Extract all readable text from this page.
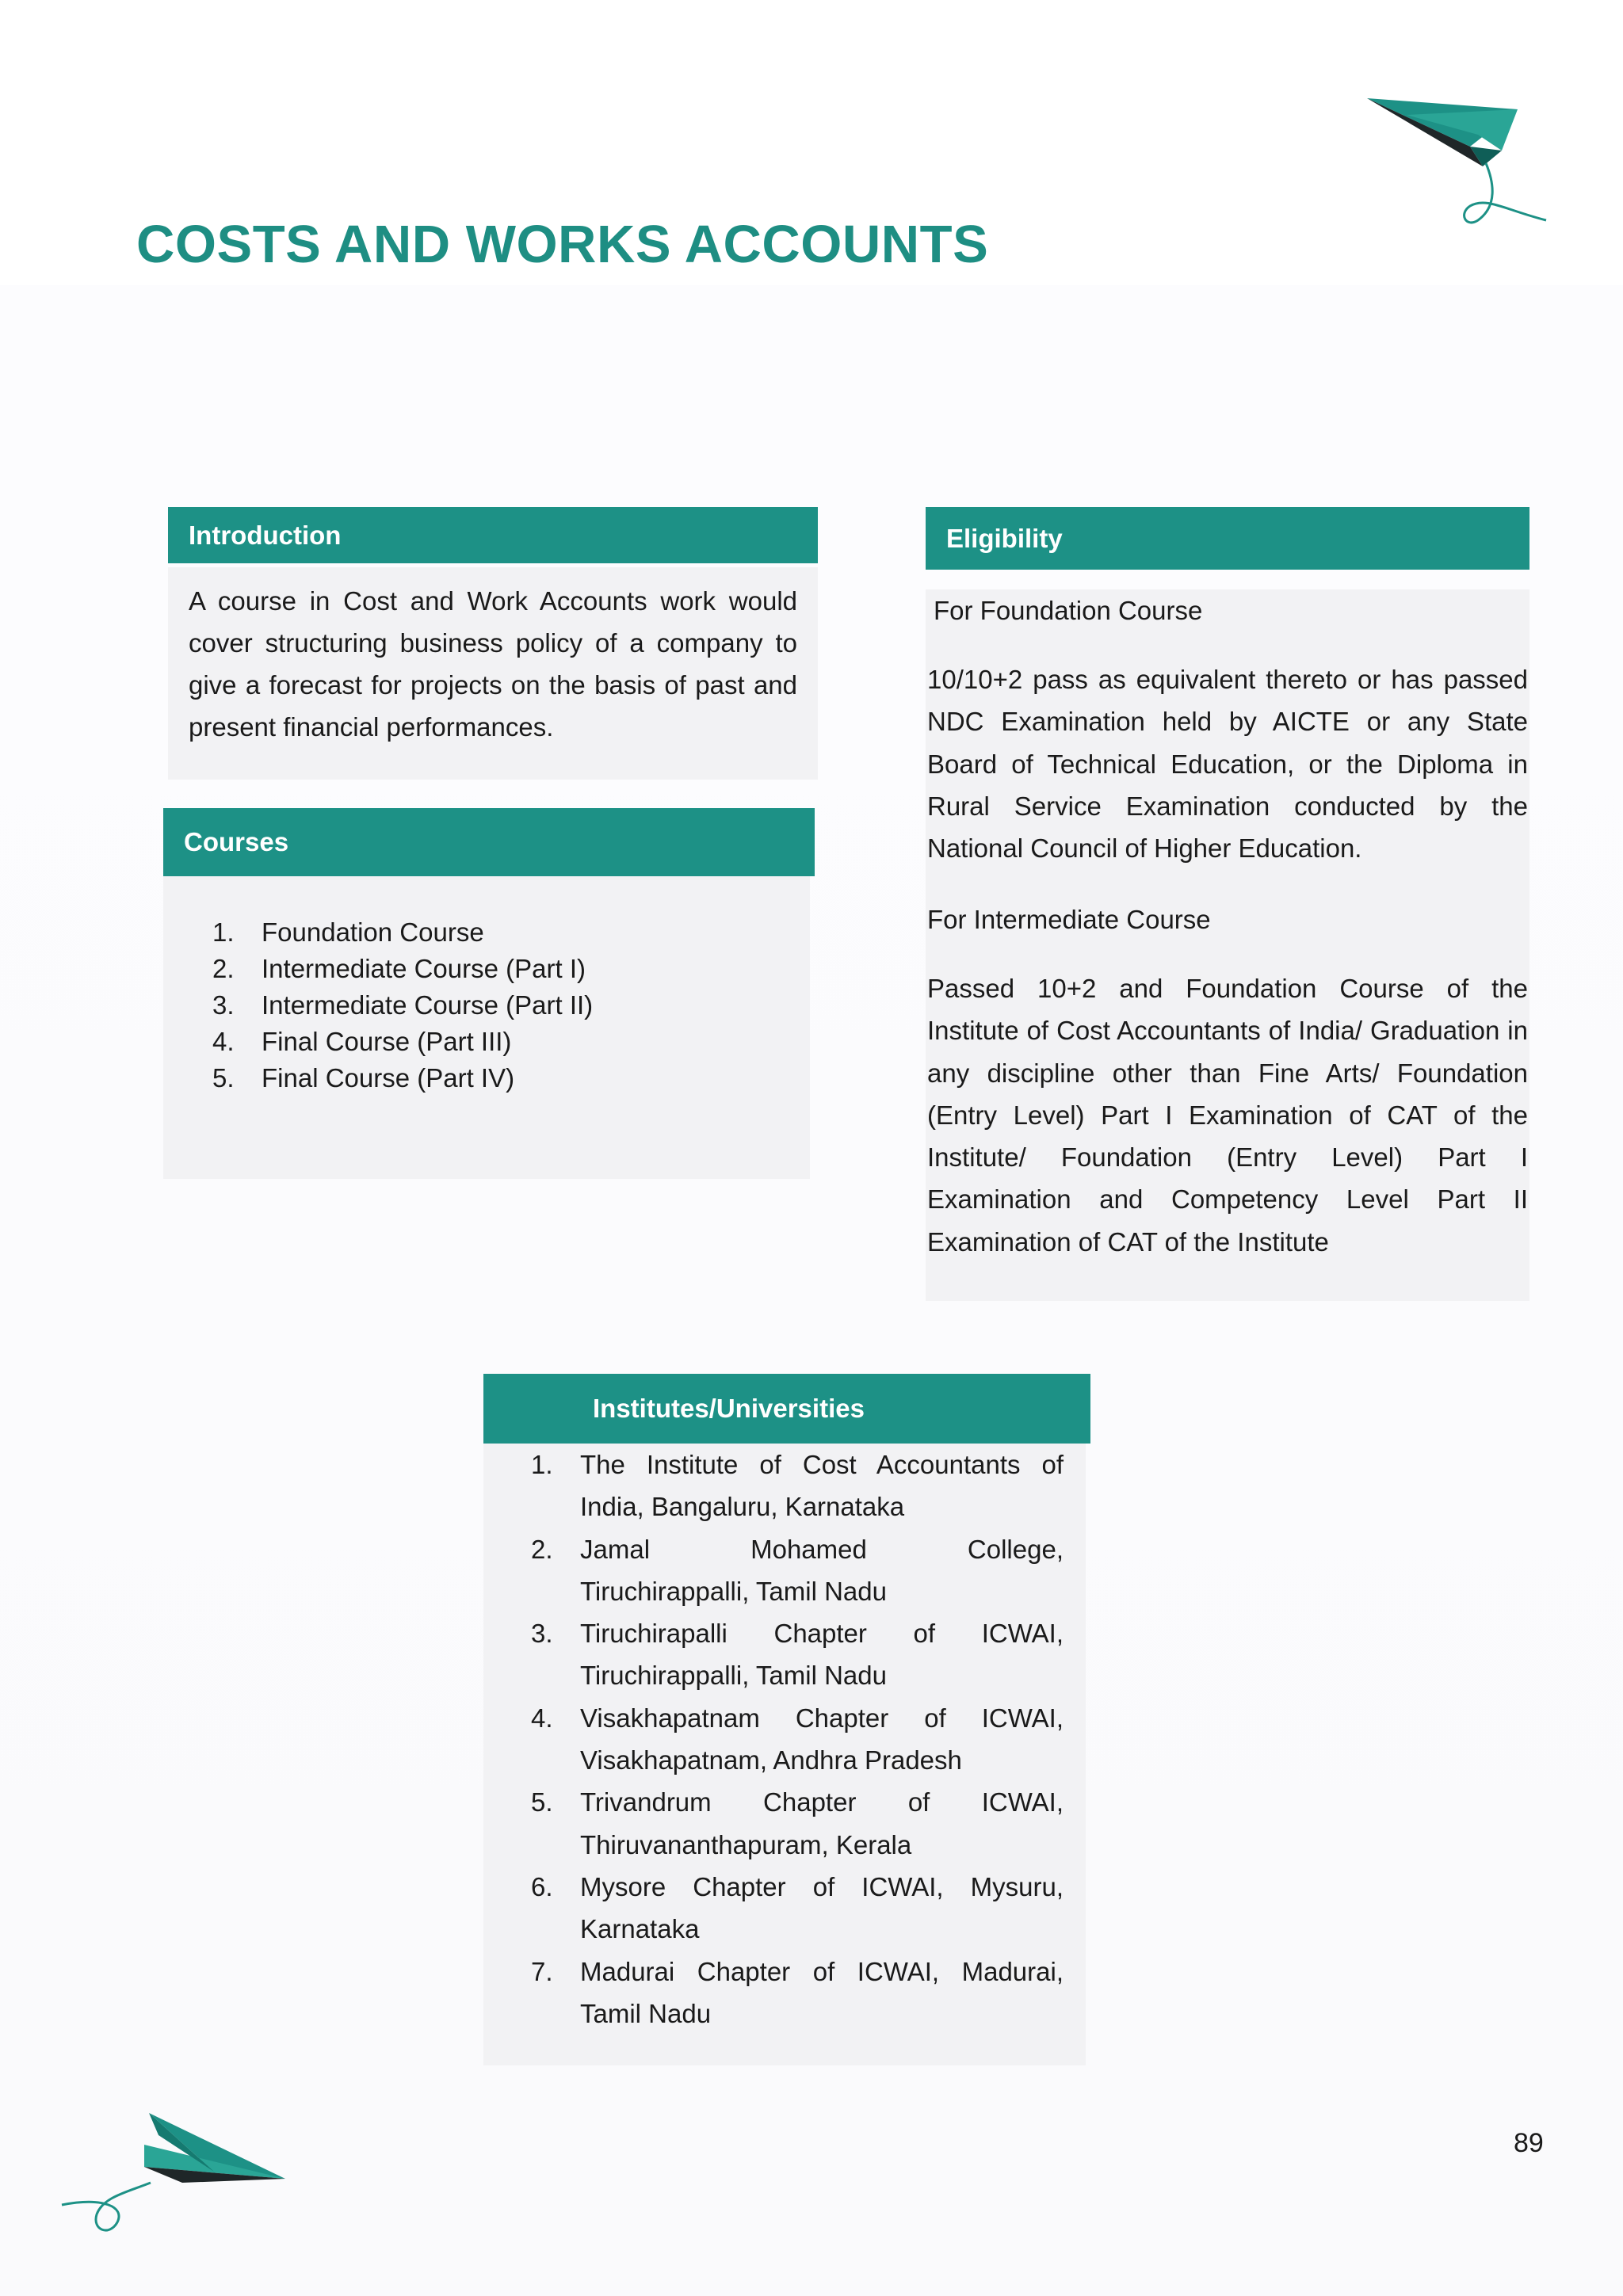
COSTS AND WORKS ACCOUNTS
Introduction

A course in Cost and Work Accounts work would cover structuring business policy of a company to give a forecast for projects on the basis of past and present financial performances.

Courses
1.	Foundation Course
2.	Intermediate Course (Part I)
3.	Intermediate Course (Part II)
4.	Final Course (Part III)
5.	Final Course (Part IV)
Eligibility
For Foundation Course

10/10+2 pass as equivalent thereto or has passed NDC Examination held by AICTE or any State Board of Technical Education, or the Diploma in Rural Service Examination conducted by the National Council of Higher Education.

For Intermediate Course

Passed 10+2 and Foundation Course of the Institute of Cost Accountants of India/ Graduation in any discipline other than Fine Arts/ Foundation (Entry Level) Part I Examination of CAT of the Institute/ Foundation (Entry Level) Part I Examination and Competency Level Part II Examination of CAT of the Institute

Institutes/Universities
1.	The Institute of Cost Accountants of
India, Bangaluru, Karnataka
2.	Jamal Mohamed College,
Tiruchirappalli, Tamil Nadu
3.	Tiruchirapalli Chapter of ICWAI,
Tiruchirappalli, Tamil Nadu
4.	Visakhapatnam Chapter of ICWAI,
Visakhapatnam, Andhra Pradesh
5.	Trivandrum Chapter of ICWAI,
Thiruvananthapuram, Kerala
6.	Mysore Chapter of ICWAI, Mysuru,
Karnataka
7.	Madurai Chapter of ICWAI, Madurai,
Tamil Nadu
89
